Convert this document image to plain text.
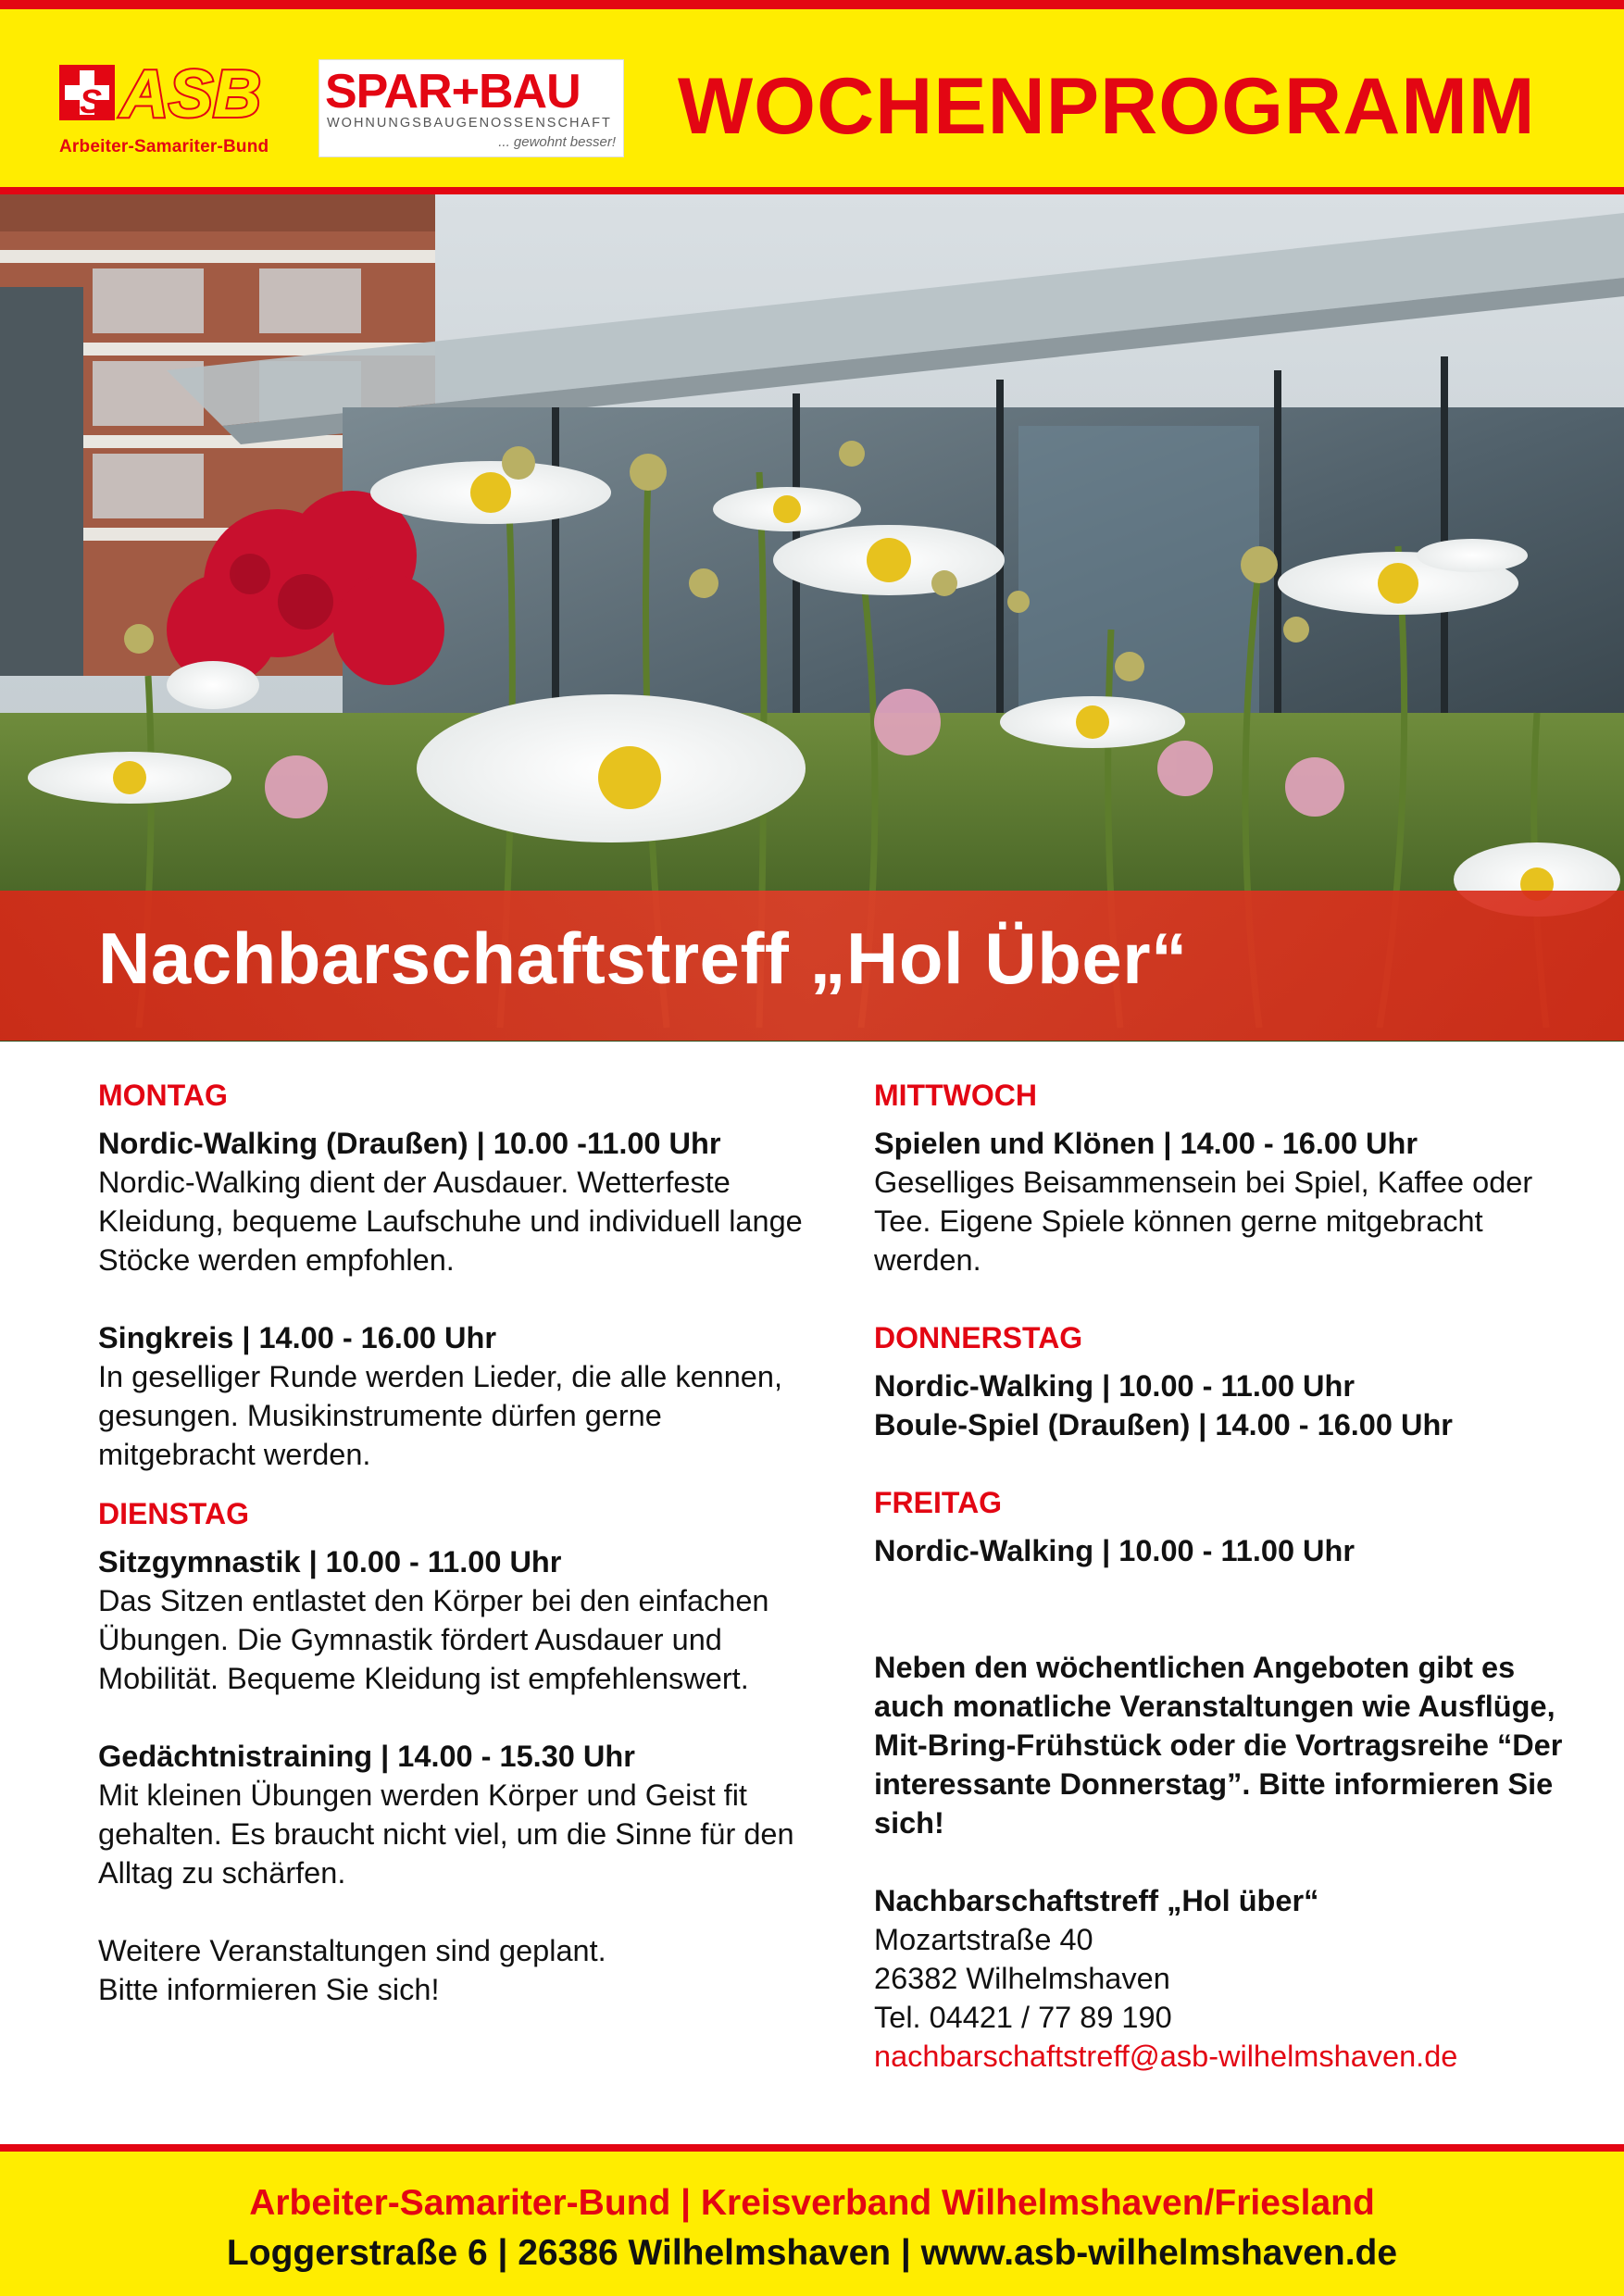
S ASB
Arbeiter-Samariter-Bund
SPAR+BAU
WOHNUNGSBAUGENOSSENSCHAFT
... gewohnt besser! WOCHENPROGRAMM
Nachbarschaftstreff „Hol Über“
MONTAG
Nordic-Walking (Draußen) | 10.00 -11.00 Uhr
Nordic-Walking dient der Ausdauer. Wetterfeste Kleidung, bequeme Laufschuhe und individuell lange Stöcke werden empfohlen.
Singkreis | 14.00 - 16.00 Uhr
In geselliger Runde werden Lieder, die alle kennen, gesungen. Musikinstrumente dürfen gerne mitgebracht werden.
DIENSTAG
Sitzgymnastik | 10.00 - 11.00 Uhr
Das Sitzen entlastet den Körper bei den einfachen Übungen. Die Gymnastik fördert Ausdauer und Mobilität. Bequeme Kleidung ist empfehlenswert.
Gedächtnistraining | 14.00 - 15.30 Uhr
Mit kleinen Übungen werden Körper und Geist fit gehalten. Es braucht nicht viel, um die Sinne für den Alltag zu schärfen.
Weitere Veranstaltungen sind geplant.
Bitte informieren Sie sich!
MITTWOCH
Spielen und Klönen | 14.00 - 16.00 Uhr
Geselliges Beisammensein bei Spiel, Kaffee oder Tee. Eigene Spiele können gerne mitgebracht werden.
DONNERSTAG
Nordic-Walking | 10.00 - 11.00 Uhr
Boule-Spiel (Draußen) | 14.00 - 16.00 Uhr
FREITAG
Nordic-Walking | 10.00 - 11.00 Uhr
Neben den wöchentlichen Angeboten gibt es auch monatliche Veranstaltungen wie Ausflüge, Mit-Bring-Frühstück oder die Vortragsreihe “Der interessante Donnerstag”. Bitte informieren Sie sich!
Nachbarschaftstreff „Hol über“
Mozartstraße 40
26382 Wilhelmshaven
Tel. 04421 / 77 89 190
nachbarschaftstreff@asb-wilhelmshaven.de
Arbeiter-Samariter-Bund | Kreisverband Wilhelmshaven/Friesland
Loggerstraße 6 | 26386 Wilhelmshaven | www.asb-wilhelmshaven.de
